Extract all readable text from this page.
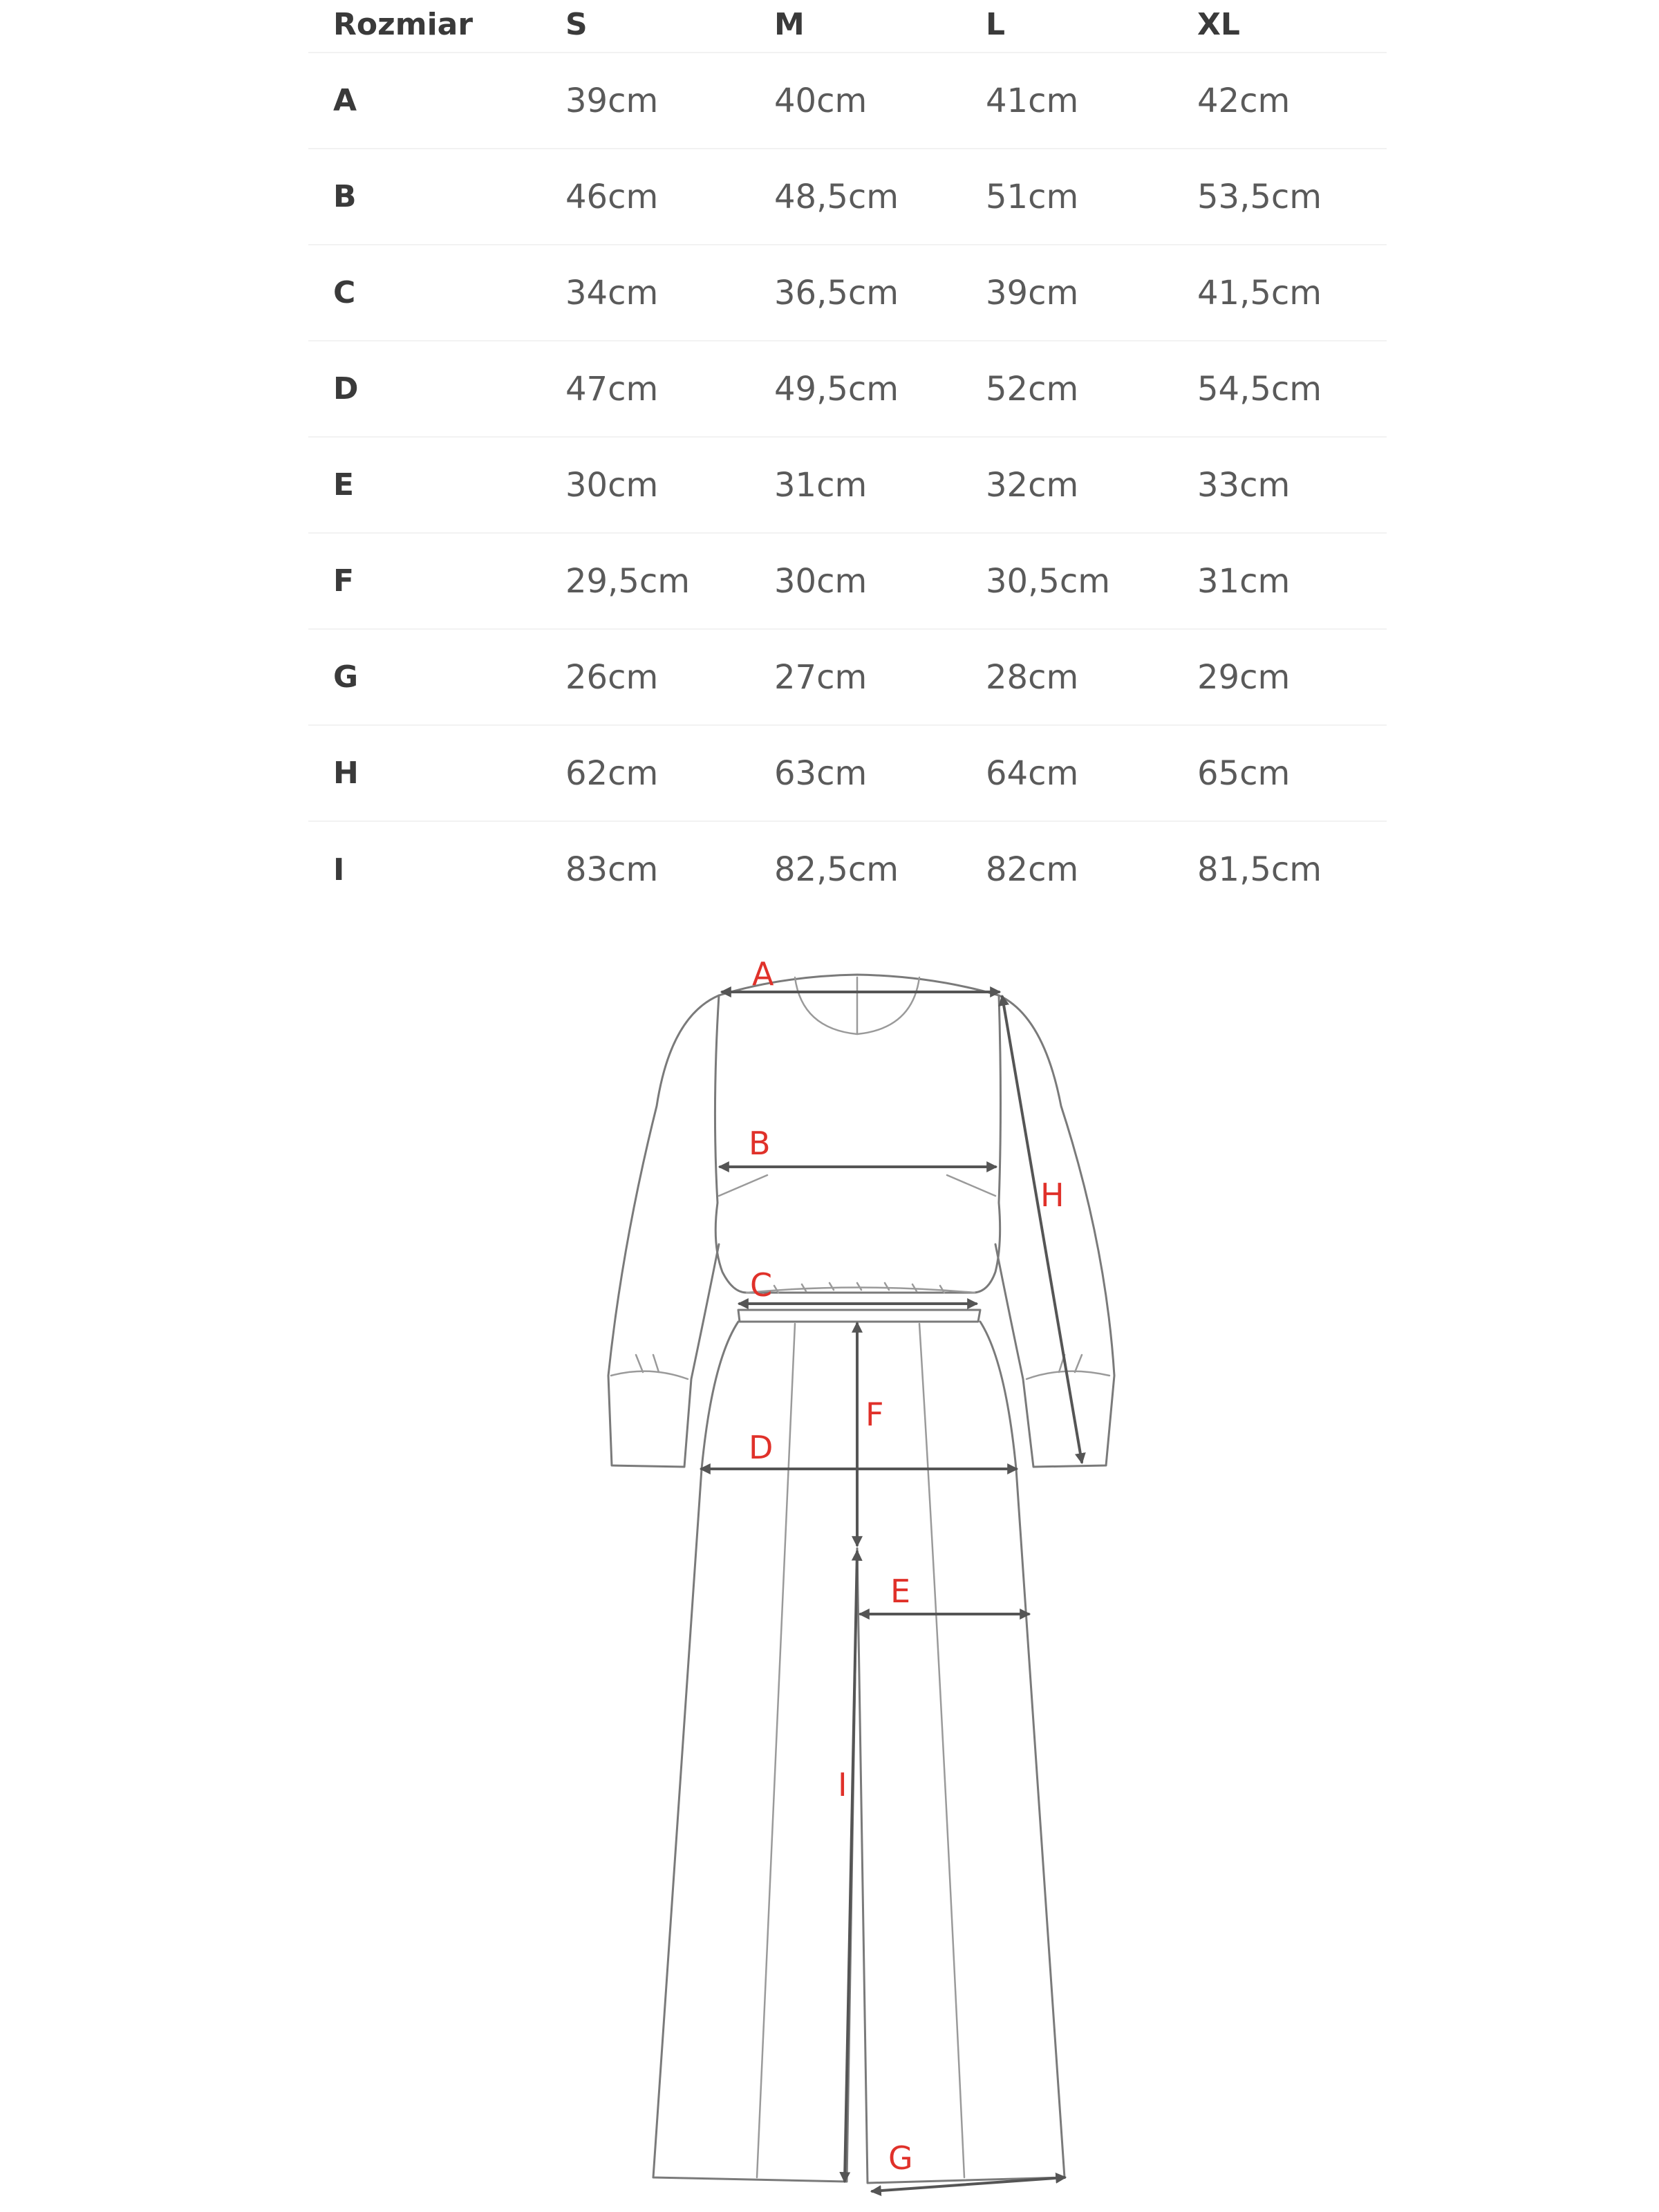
Rozmiar	S	M	L	XL
A	39cm	40cm	41cm	42cm
B	46cm	48,5cm	51cm	53,5cm
C	34cm	36,5cm	39cm	41,5cm
D	47cm	49,5cm	52cm	54,5cm
E	30cm	31cm	32cm	33cm
F	29,5cm	30cm	30,5cm	31cm
G	26cm	27cm	28cm	29cm
H	62cm	63cm	64cm	65cm
I	83cm	82,5cm	82cm	81,5cm
A
B
C
D
E
F
G
H
I
